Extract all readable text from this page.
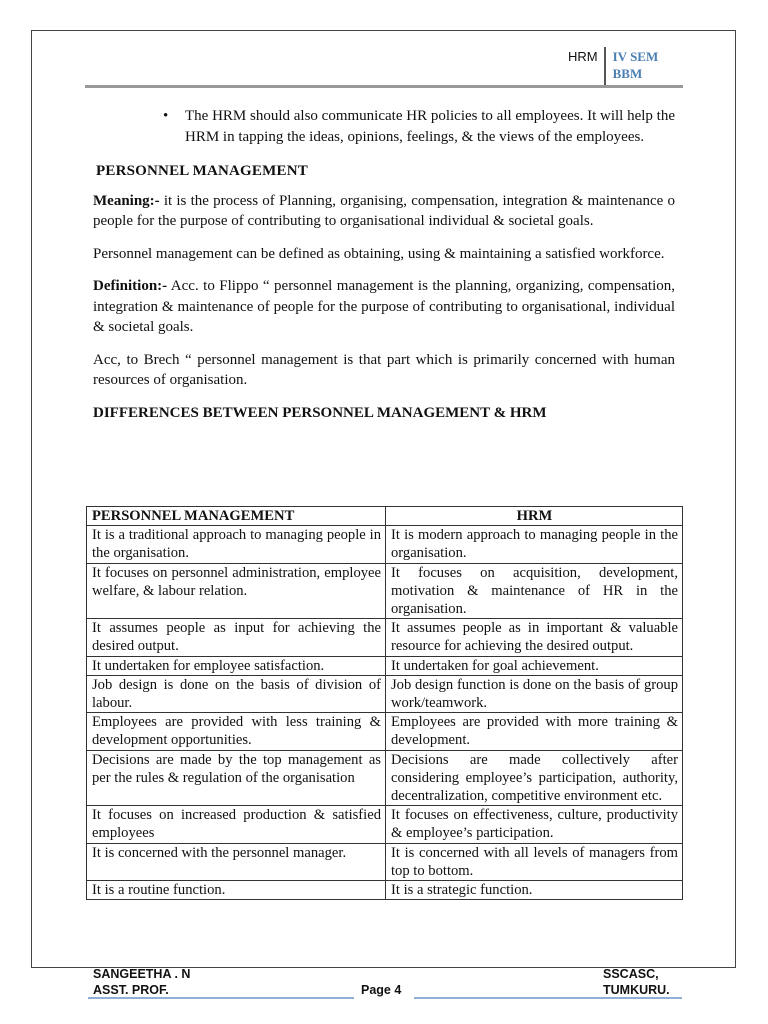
HRM	IV SEM
BBM
•	The HRM should also communicate HR policies to all employees. It will help the HRM in tapping the ideas, opinions, feelings, & the views of the employees.
PERSONNEL MANAGEMENT

Meaning:- it is the process of Planning, organising, compensation, integration & maintenance o people for the purpose of contributing to organisational individual & societal goals.

Personnel management can be defined as obtaining, using & maintaining a satisfied workforce.

Definition:- Acc. to Flippo “ personnel management is the planning, organizing, compensation, integration & maintenance of people for the purpose of contributing to organisational, individual & societal goals.

Acc, to Brech “ personnel management is that part which is primarily concerned with human resources of organisation.

DIFFERENCES BETWEEN PERSONNEL MANAGEMENT & HRM
PERSONNEL MANAGEMENT	HRM
It is a traditional approach to managing people in the organisation.	It is modern approach to managing people in the organisation.
It focuses on personnel administration, employee welfare, & labour relation.	It focuses on acquisition, development, motivation & maintenance of HR in the organisation.
It assumes people as input for achieving the desired output.	It assumes people as in important & valuable resource for achieving the desired output.
It undertaken for employee satisfaction.	It undertaken for goal achievement.
Job design is done on the basis of division of labour.	Job design function is done on the basis of group work/teamwork.
Employees are provided with less training & development opportunities.	Employees are provided with more training & development.
Decisions are made by the top management as per the rules & regulation of the organisation	Decisions are made collectively after considering employee’s participation, authority, decentralization, competitive environment etc.
It focuses on increased production & satisfied employees	It focuses on effectiveness, culture, productivity & employee’s participation.
It is concerned with the personnel manager.	It is concerned with all levels of managers from top to bottom.
It is a routine function.	It is a strategic function.
SANGEETHA . N
ASST. PROF.	Page 4
SSCASC,
TUMKURU.
